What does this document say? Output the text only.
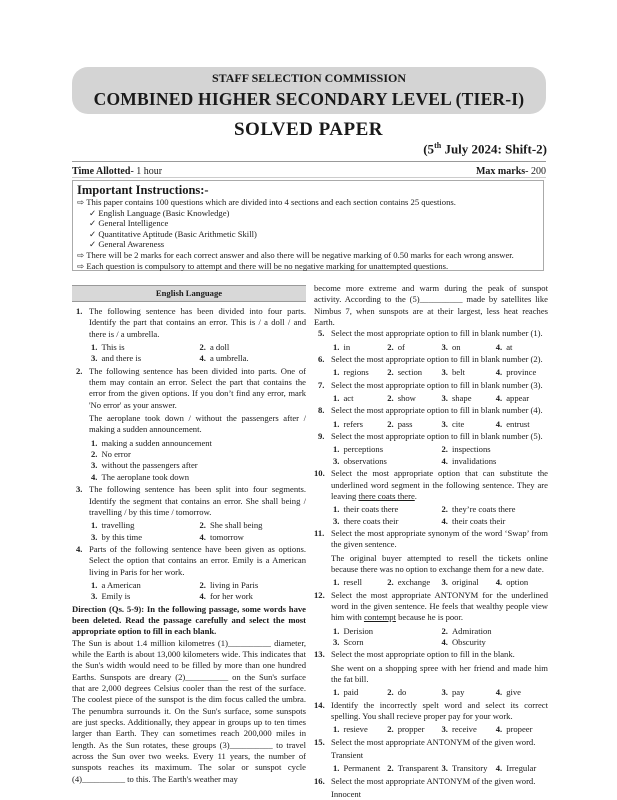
STAFF SELECTION COMMISSION
COMBINED HIGHER SECONDARY LEVEL (TIER-I)
SOLVED PAPER
(5th July 2024: Shift-2)
Time Allotted- 1 hour	Max marks- 200
Important Instructions:-
⇨ This paper contains 100 questions which are divided into 4 sections and each section contains 25 questions.
✓ English Language (Basic Knowledge)
✓ General Intelligence
✓ Quantitative Aptitude (Basic Arithmetic Skill)
✓ General Awareness
⇨ There will be 2 marks for each correct answer and also there will be negative marking of 0.50 marks for each wrong answer.
⇨ Each question is compulsory to attempt and there will be no negative marking for unattempted questions.
English Language
1. The following sentence has been divided into four parts. Identify the part that contains an error. This is / a doll / and there is / a umbrella.
1. This is	2. a doll
3. and there is	4. a umbrella.
2. The following sentence has been divided into parts. One of them may contain an error. Select the part that contains the error from the given options. If you don’t find any error, mark 'No error' as your answer.
The aeroplane took down / without the passengers after / making a sudden announcement.
1. making a sudden announcement
2. No error
3. without the passengers after
4. The aeroplane took down
3. The following sentence has been split into four segments. Identify the segment that contains an error. She shall being / travelling / by this time / tomorrow.
1. travelling	2. She shall being
3. by this time	4. tomorrow
4. Parts of the following sentence have been given as options. Select the option that contains an error. Emily is a American living in Paris for her work.
1. a American	2. living in Paris
3. Emily is	4. for her work
Direction (Qs. 5-9): In the following passage, some words have been deleted. Read the passage carefully and select the most appropriate option to fill in each blank.
The Sun is about 1.4 million kilometres (1)__________ diameter, while the Earth is about 13,000 kilometers wide. This indicates that the Sun's width would need to be filled by more than one hundred Earths. Sunspots are dreary (2)__________ on the Sun's surface that are 2,000 degrees Celsius cooler than the rest of the surface. The coolest piece of the sunspot is the dim focus called the umbra. The penumbra surrounds it. On the Sun's surface, some sunspots are just specks. Additionally, they appear in groups up to ten times larger than Earth. They can sometimes reach 200,000 miles in length. As the Sun rotates, these groups (3)__________ to travel across the Sun over two weeks. Every 11 years, the number of sunspots reaches its maximum. The solar or sunspot cycle (4)__________ to this. The Earth's weather may
become more extreme and warm during the peak of sunspot activity. According to the (5)__________ made by satellites like Nimbus 7, when sunspots are at their largest, less heat reaches Earth.
5. Select the most appropriate option to fill in blank number (1).
1. in	2. of	3. on	4. at
6. Select the most appropriate option to fill in blank number (2).
1. regions	2. section	3. belt	4. province
7. Select the most appropriate option to fill in blank number (3).
1. act	2. show	3. shape	4. appear
8. Select the most appropriate option to fill in blank number (4).
1. refers	2. pass	3. cite	4. entrust
9. Select the most appropriate option to fill in blank number (5).
1. perceptions	2. inspections
3. observations	4. invalidations
10. Select the most appropriate option that can substitute the underlined word segment in the following sentence. They are leaving there coats there.
1. their coats there	2. they’re coats there
3. there coats their	4. their coats their
11. Select the most appropriate synonym of the word ‘Swap’ from the given sentence.
The original buyer attempted to resell the tickets online because there was no option to exchange them for a new date.
1. resell	2. exchange	3. original	4. option
12. Select the most appropriate ANTONYM for the underlined word in the given sentence. He feels that wealthy people view him with contempt because he is poor.
1. Derision	2. Admiration
3. Scorn	4. Obscurity
13. Select the most appropriate option to fill in the blank.
She went on a shopping spree with her friend and made him the fat bill.
1. paid	2. do	3. pay	4. give
14. Identify the incorrectly spelt word and select its correct spelling. You shall recieve proper pay for your work.
1. resieve	2. propper	3. receive	4. propeer
15. Select the most appropriate ANTONYM of the given word.
Transient
1. Permanent 2. Transparent 3. Transitory 4. Irregular
16. Select the most appropriate ANTONYM of the given word.
Innocent
